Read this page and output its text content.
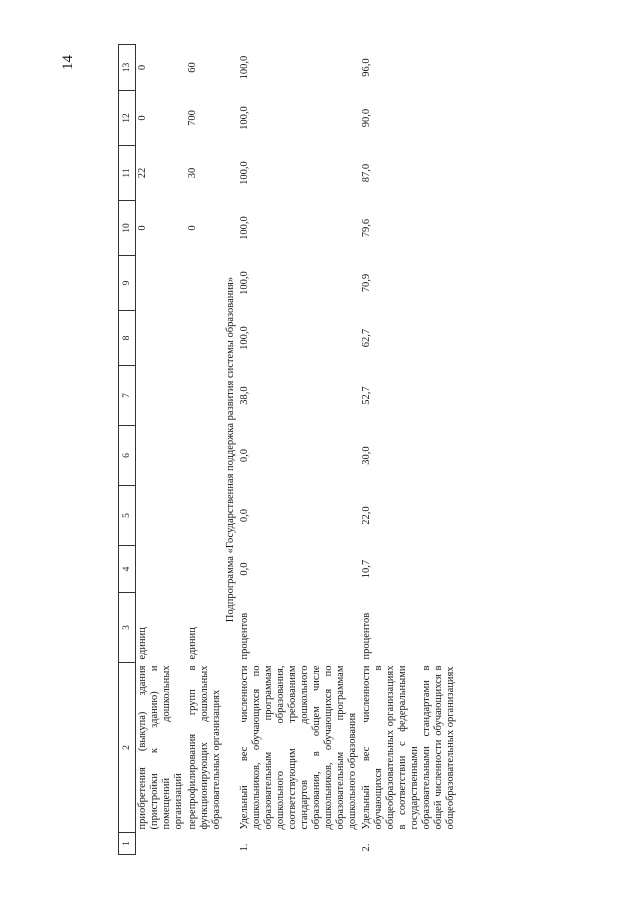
14
1	2	3	4	5	6	7	8	9	10	11	12	13
	приобретения (выкупа) здания (пристройки к зданию) и помещений дошкольных организаций	единиц							0	22	0	0
	перепрофилирования групп в функционирующих дошкольных образовательных организациях	единиц							0	30	700	60
Подпрограмма «Государственная поддержка развития системы образования»												
1.	Удельный вес численности дошкольников, обучающихся по образовательным программам дошкольного образования, соответствующим требованиям стандартов дошкольного образования, в общем числе дошкольников, обучающихся по образовательным программам дошкольного образования	процентов	0,0	0,0	0,0	38,0	100,0	100,0	100,0	100,0	100,0	100,0
2.	Удельный вес численности обучающихся в общеобразовательных организациях в соответствии с федеральными государственными образовательными стандартами в общей численности обучающихся в общеобразовательных организациях	процентов	10,7	22,0	30,0	52,7	62,7	70,9	79,6	87,0	90,0	96,0
